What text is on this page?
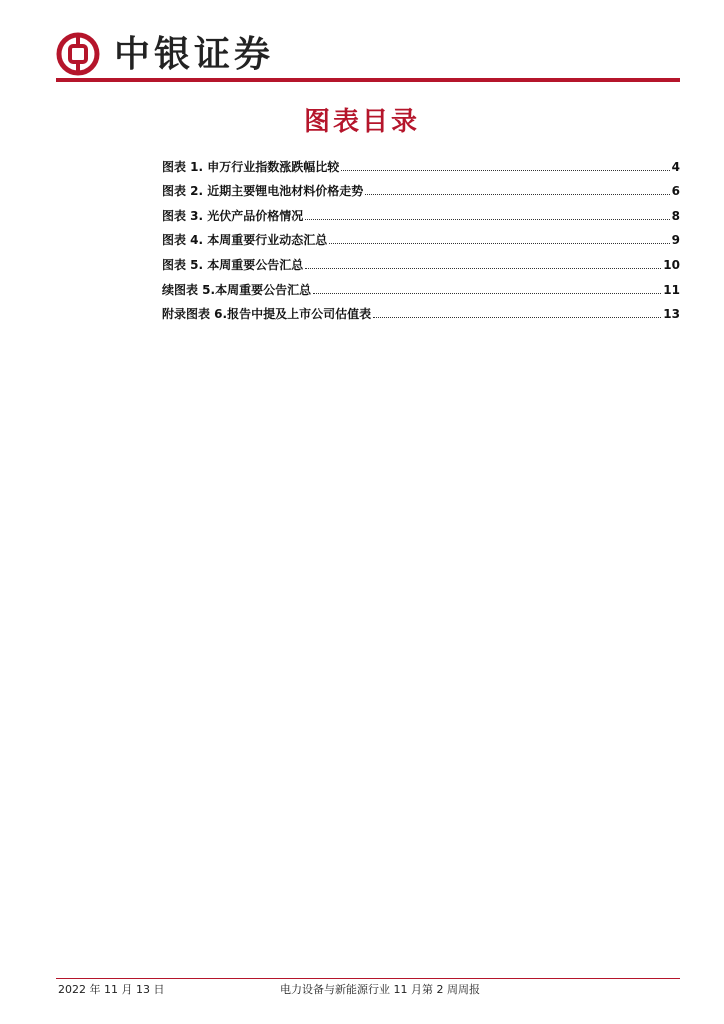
中银证券
图表目录
图表 1. 申万行业指数涨跌幅比较	4
图表 2. 近期主要锂电池材料价格走势	6
图表 3. 光伏产品价格情况	8
图表 4. 本周重要行业动态汇总	9
图表 5. 本周重要公告汇总	10
续图表 5.本周重要公告汇总	11
附录图表 6.报告中提及上市公司估值表	13
2022 年 11 月 13 日	电力设备与新能源行业 11 月第 2 周周报
